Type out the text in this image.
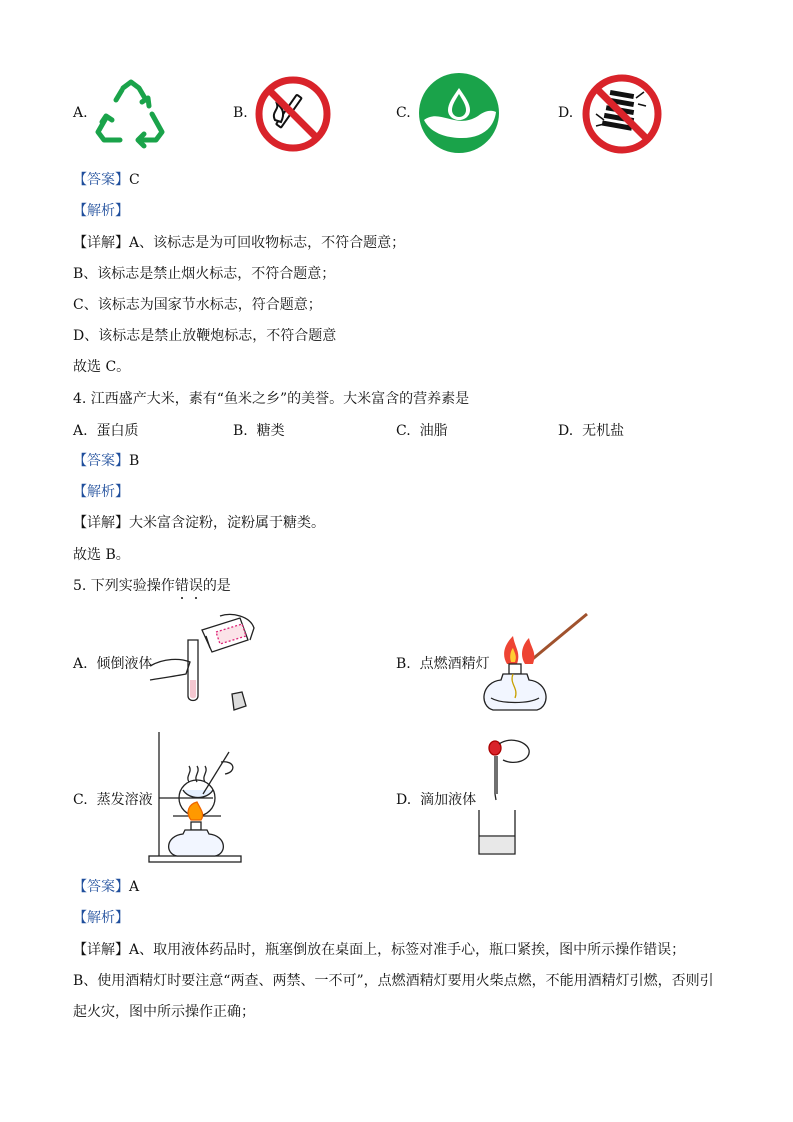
A.	B.	C.	D.
【答案】C
【解析】
【详解】A、该标志是为可回收物标志，不符合题意；
B、该标志是禁止烟火标志，不符合题意；
C、该标志为国家节水标志，符合题意；
D、该标志是禁止放鞭炮标志，不符合题意
故选 C。
4. 江西盛产大米，素有“鱼米之乡”的美誉。大米富含的营养素是
A. 蛋白质	B. 糖类	C. 油脂	D. 无机盐
【答案】B
【解析】
【详解】大米富含淀粉，淀粉属于糖类。
故选 B。
5. 下列实验操作错误的是
A. 倾倒液体	B. 点燃酒精灯
C. 蒸发溶液	D. 滴加液体
【答案】A
【解析】
【详解】A、取用液体药品时，瓶塞倒放在桌面上，标签对准手心，瓶口紧挨，图中所示操作错误；
B、使用酒精灯时要注意“两查、两禁、一不可”，点燃酒精灯要用火柴点燃，不能用酒精灯引燃，否则引
起火灾，图中所示操作正确；
